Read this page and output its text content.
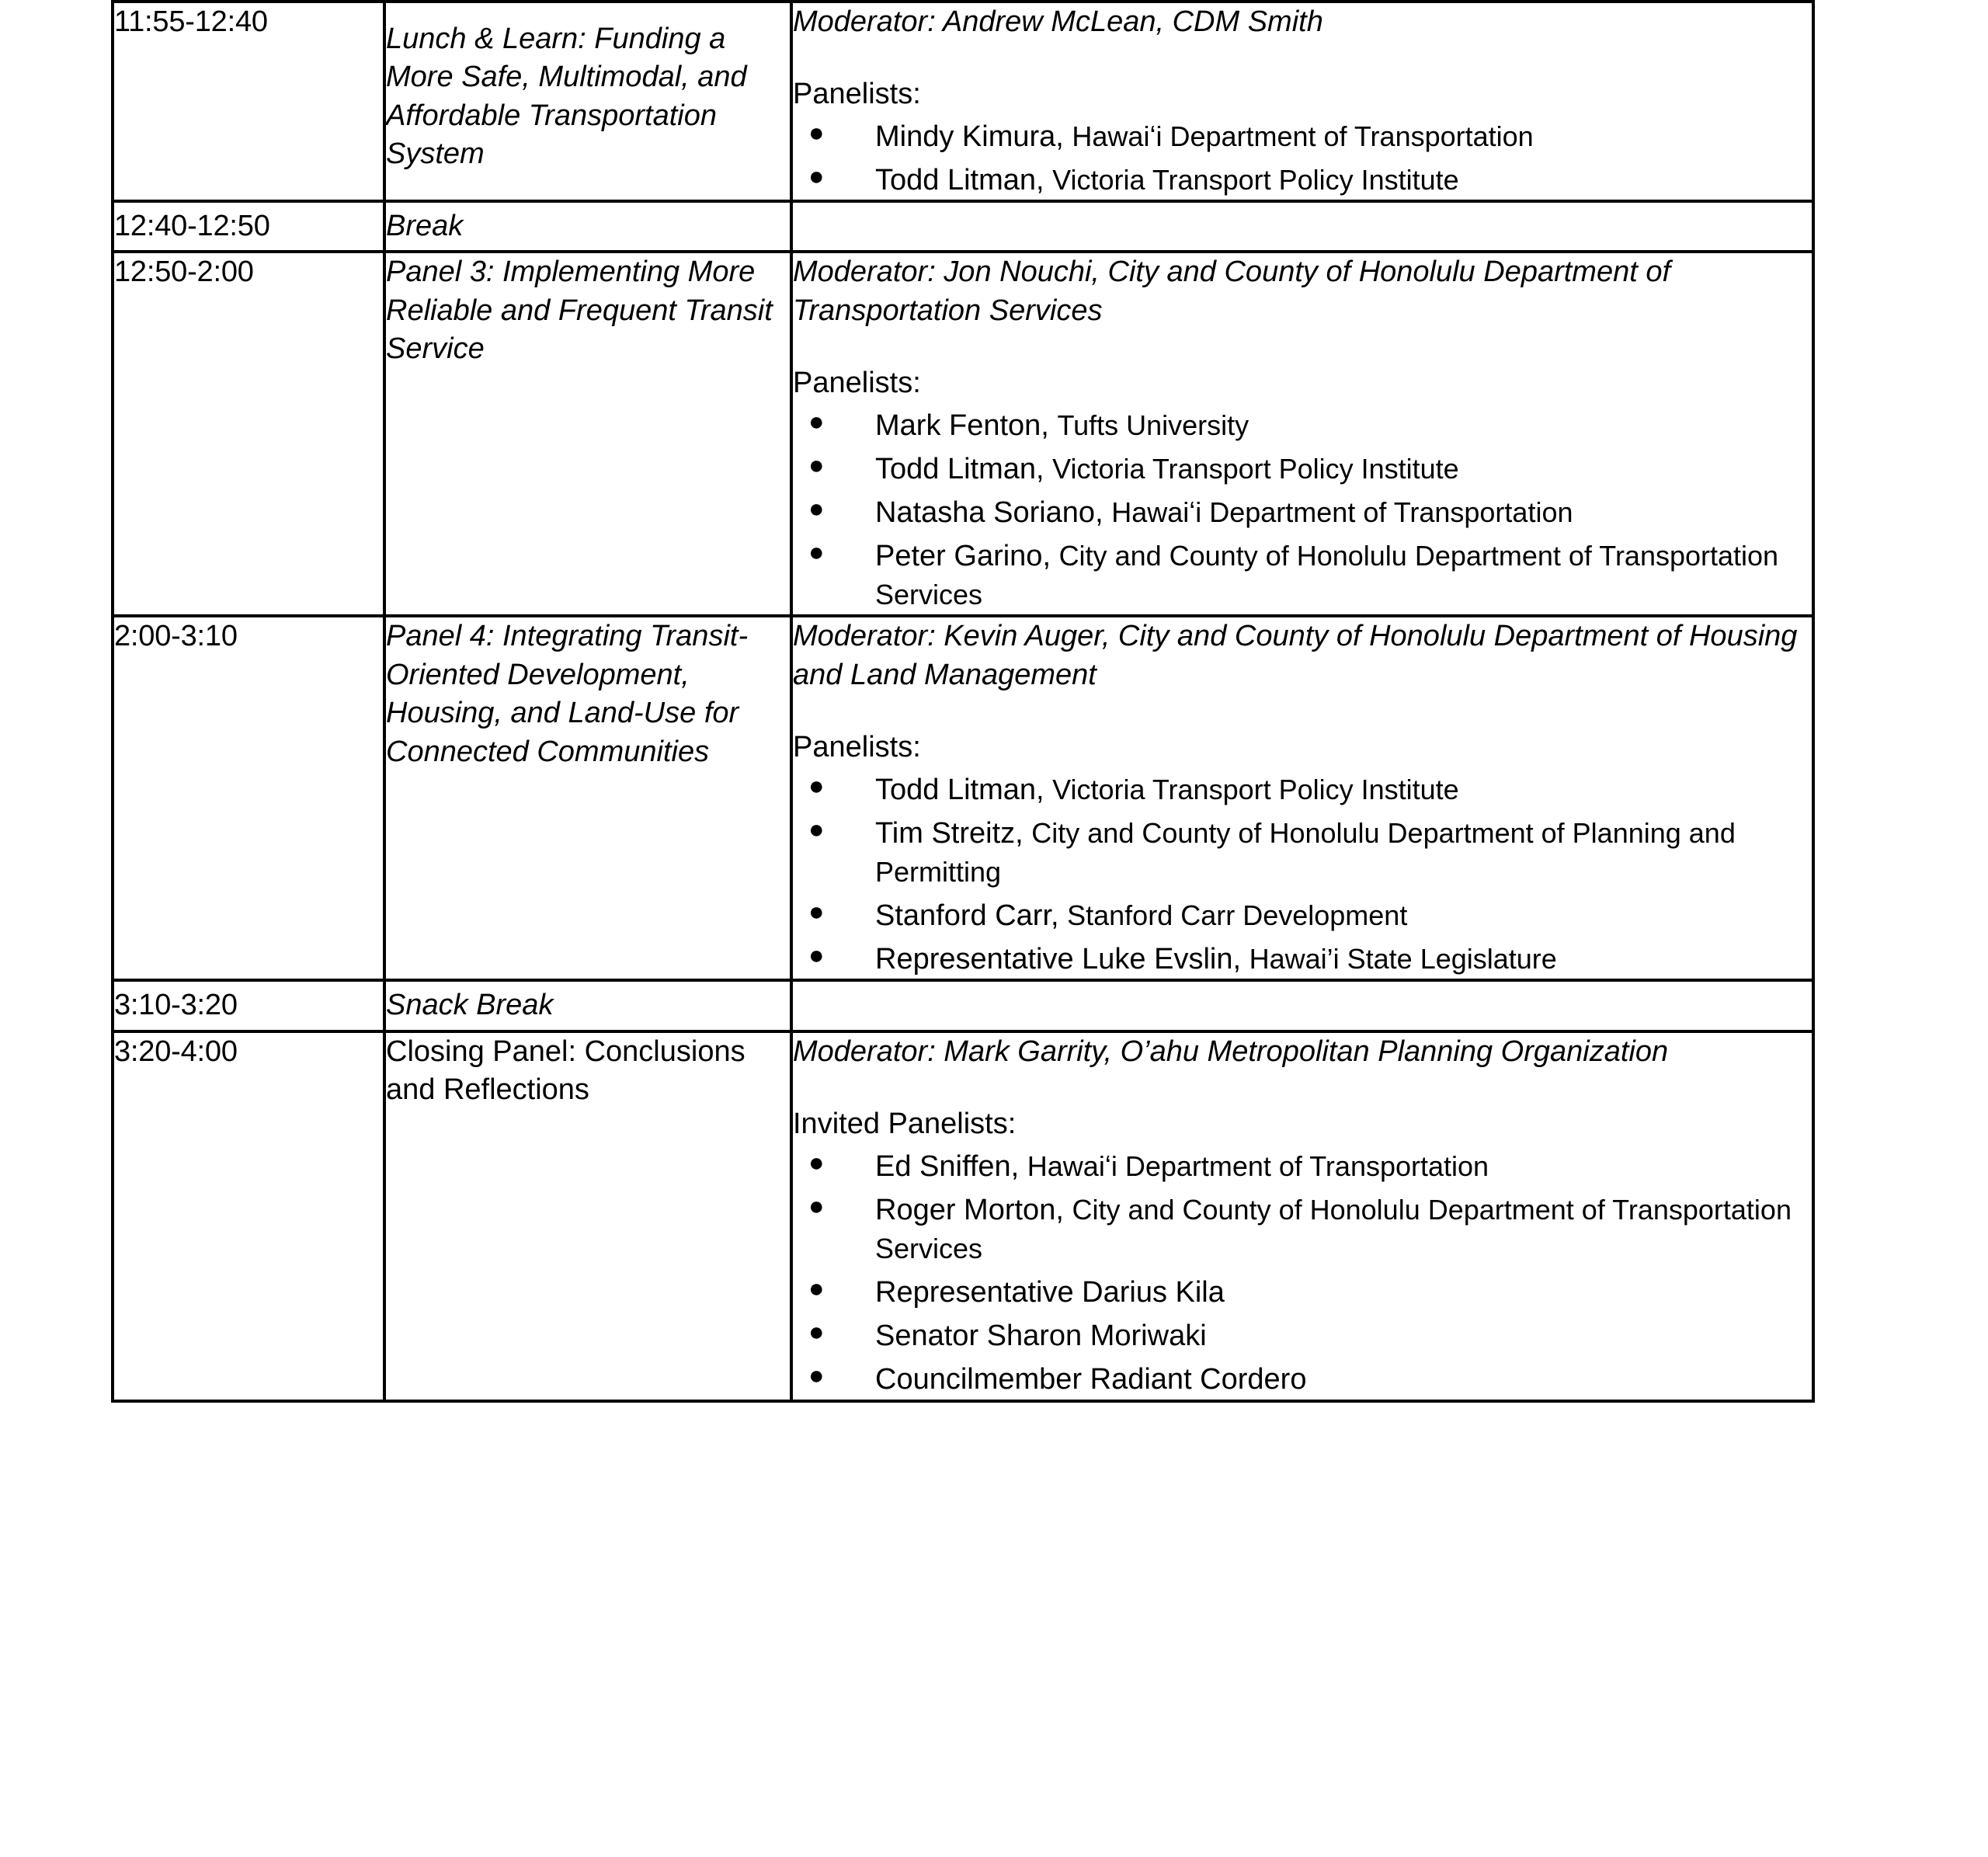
11:55-12:40	Lunch & Learn: Funding a More Safe, Multimodal, and Affordable Transportation System	

Moderator: Andrew McLean, CDM Smith

Panelists:

● Mindy Kimura, Hawaiʻi Department of Transportation
● Todd Litman, Victoria Transport Policy Institute

12:40-12:50	Break	
12:50-2:00	Panel 3: Implementing More Reliable and Frequent Transit Service	

Moderator: Jon Nouchi, City and County of Honolulu Department of Transportation Services

Panelists:

● Mark Fenton, Tufts University
● Todd Litman, Victoria Transport Policy Institute
● Natasha Soriano, Hawaiʻi Department of Transportation
● Peter Garino, City and County of Honolulu Department of Transportation Services

2:00-3:10	Panel 4: Integrating Transit-Oriented Development, Housing, and Land-Use for Connected Communities	

Moderator: Kevin Auger, City and County of Honolulu Department of Housing and Land Management

Panelists:

● Todd Litman, Victoria Transport Policy Institute
● Tim Streitz, City and County of Honolulu Department of Planning and Permitting
● Stanford Carr, Stanford Carr Development
● Representative Luke Evslin, Hawai’i State Legislature

3:10-3:20	Snack Break	
3:20-4:00	Closing Panel: Conclusions and Reflections	

Moderator: Mark Garrity, O’ahu Metropolitan Planning Organization

Invited Panelists:

● Ed Sniffen, Hawaiʻi Department of Transportation
● Roger Morton, City and County of Honolulu Department of Transportation Services
● Representative Darius Kila
● Senator Sharon Moriwaki
● Councilmember Radiant Cordero
